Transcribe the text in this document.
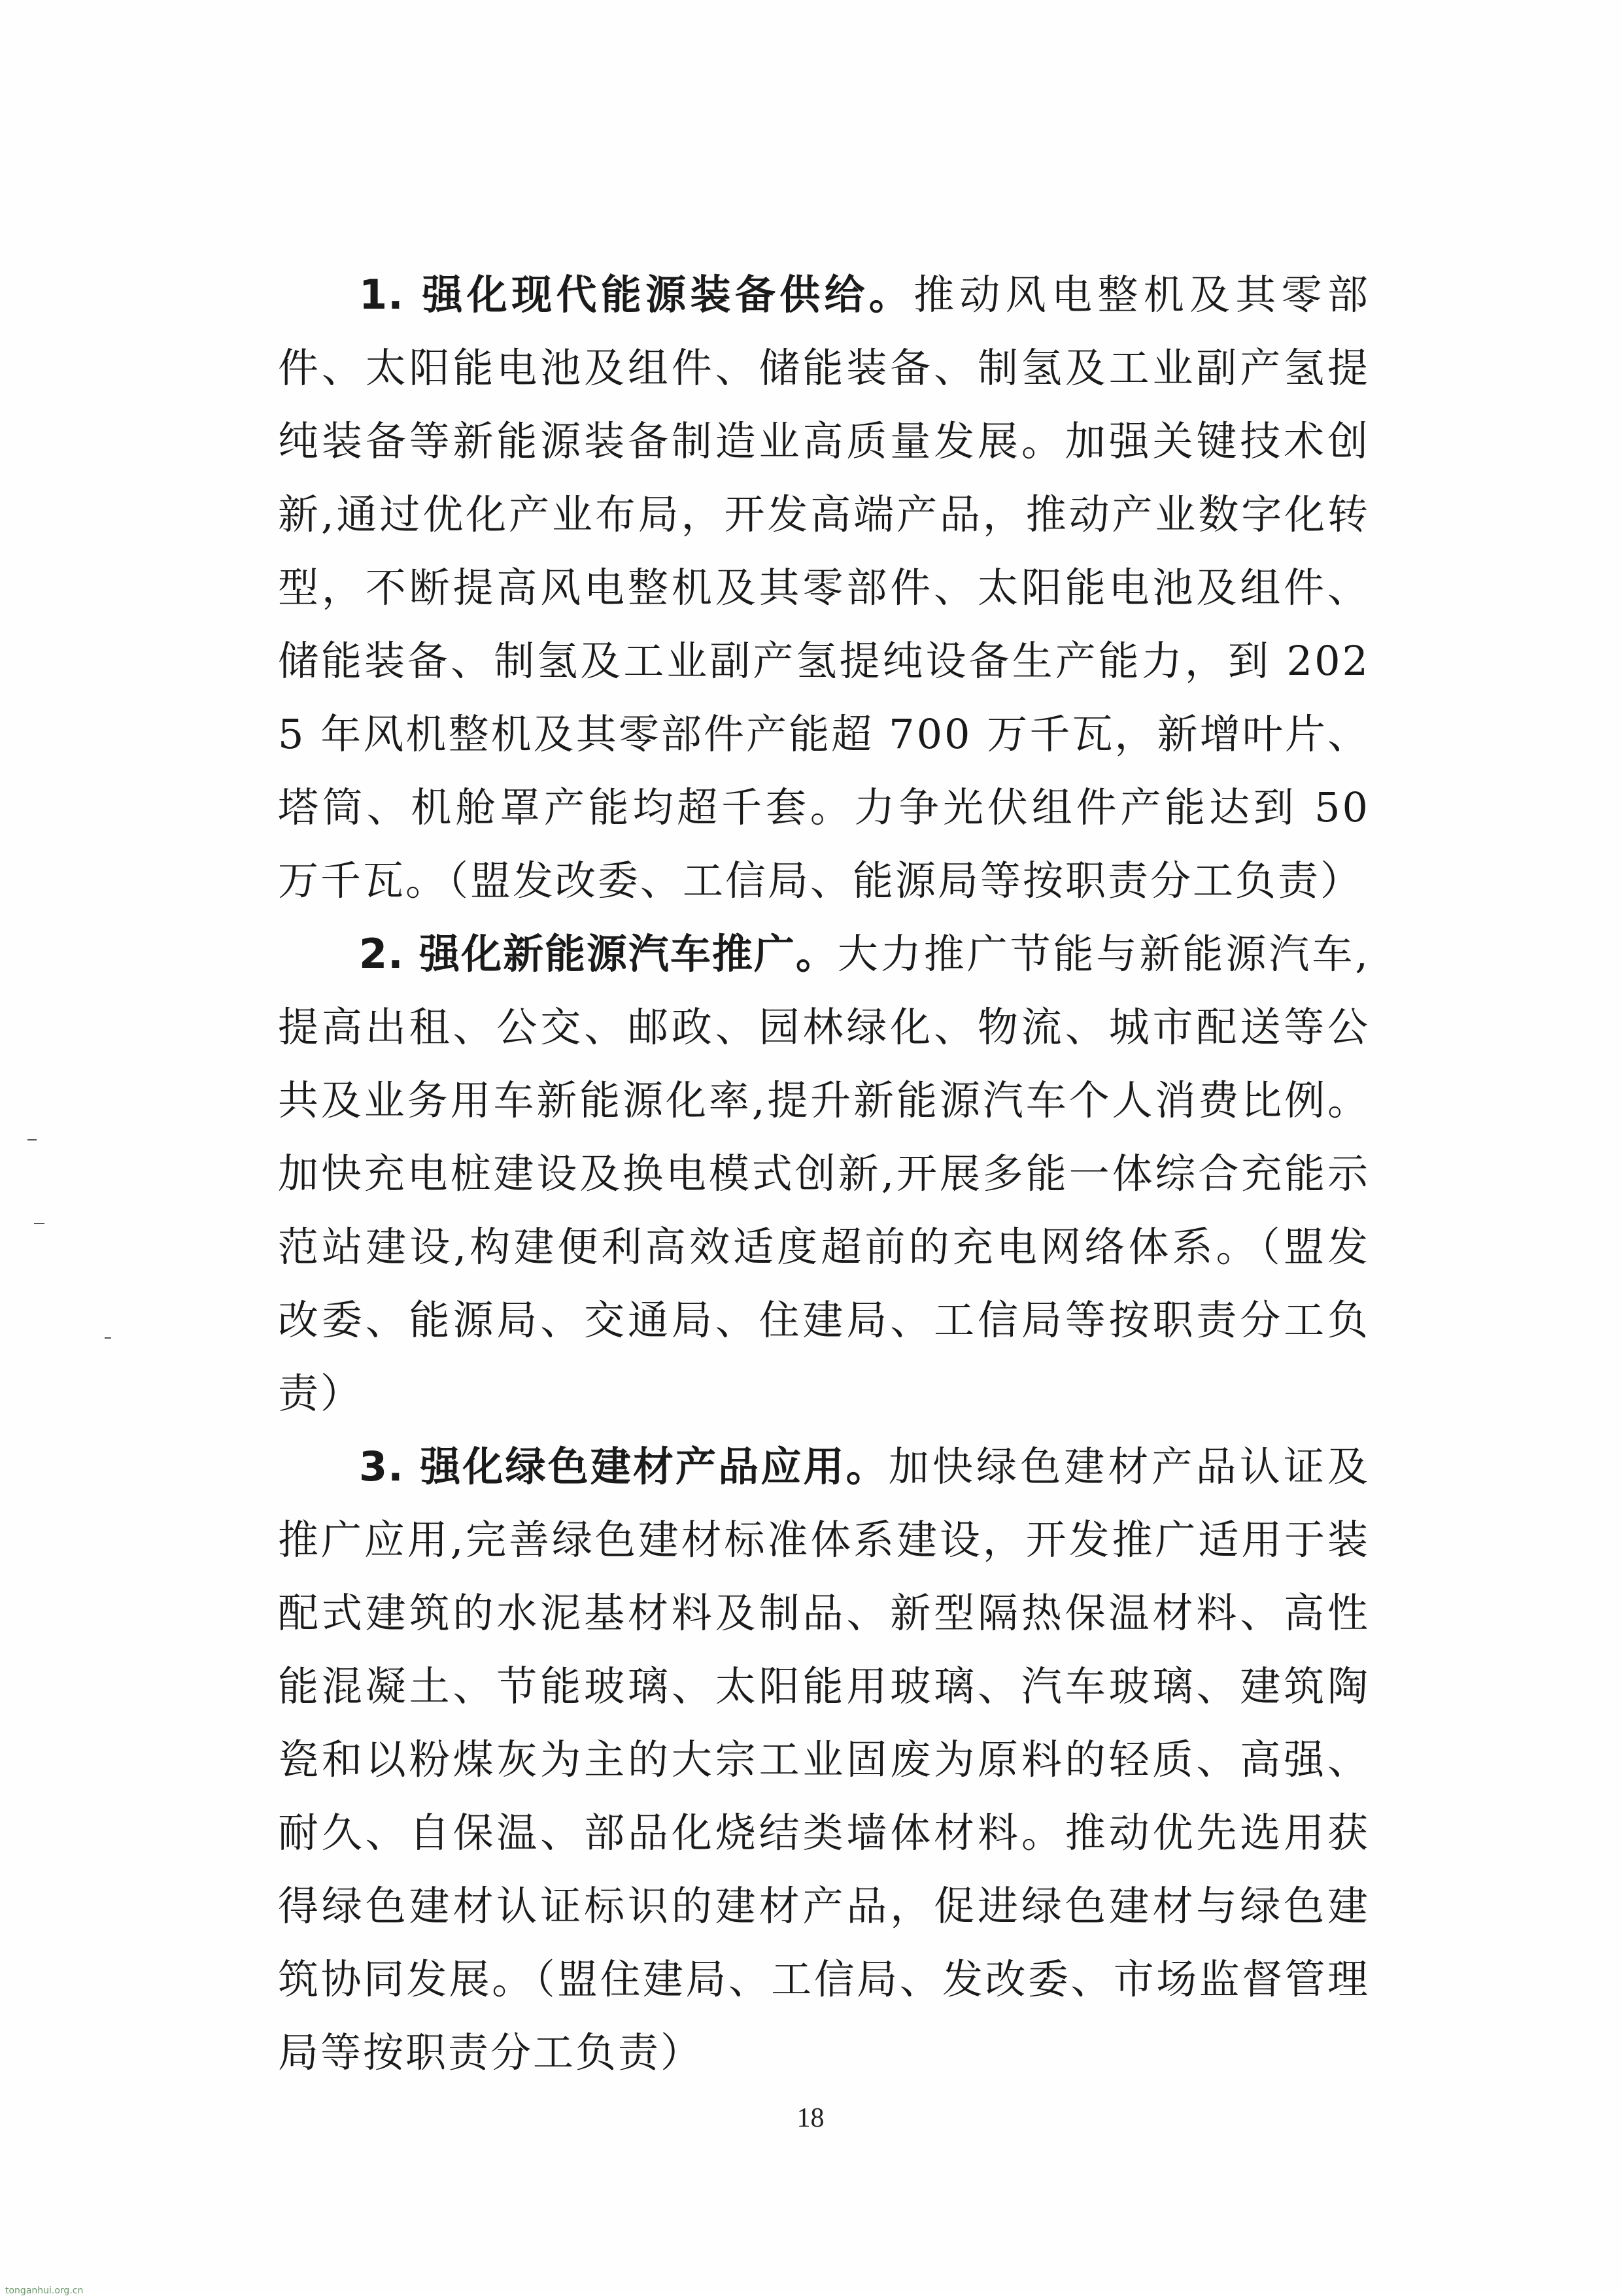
1. 强化现代能源装备供给。推动风电整机及其零部件、太阳能电池及组件、储能装备、制氢及工业副产氢提纯装备等新能源装备制造业高质量发展。加强关键技术创新,通过优化产业布局，开发高端产品，推动产业数字化转型，不断提高风电整机及其零部件、太阳能电池及组件、储能装备、制氢及工业副产氢提纯设备生产能力，到 2025 年风机整机及其零部件产能超 700 万千瓦，新增叶片、塔筒、机舱罩产能均超千套。力争光伏组件产能达到 50 万千瓦。（盟发改委、工信局、能源局等按职责分工负责）

2. 强化新能源汽车推广。大力推广节能与新能源汽车,提高出租、公交、邮政、园林绿化、物流、城市配送等公共及业务用车新能源化率,提升新能源汽车个人消费比例。加快充电桩建设及换电模式创新,开展多能一体综合充能示范站建设,构建便利高效适度超前的充电网络体系。（盟发改委、能源局、交通局、住建局、工信局等按职责分工负责）

3. 强化绿色建材产品应用。加快绿色建材产品认证及推广应用,完善绿色建材标准体系建设，开发推广适用于装配式建筑的水泥基材料及制品、新型隔热保温材料、高性能混凝土、节能玻璃、太阳能用玻璃、汽车玻璃、建筑陶瓷和以粉煤灰为主的大宗工业固废为原料的轻质、高强、耐久、自保温、部品化烧结类墙体材料。推动优先选用获得绿色建材认证标识的建材产品，促进绿色建材与绿色建筑协同发展。（盟住建局、工信局、发改委、市场监督管理局等按职责分工负责）

18
tonganhui.org.cn
